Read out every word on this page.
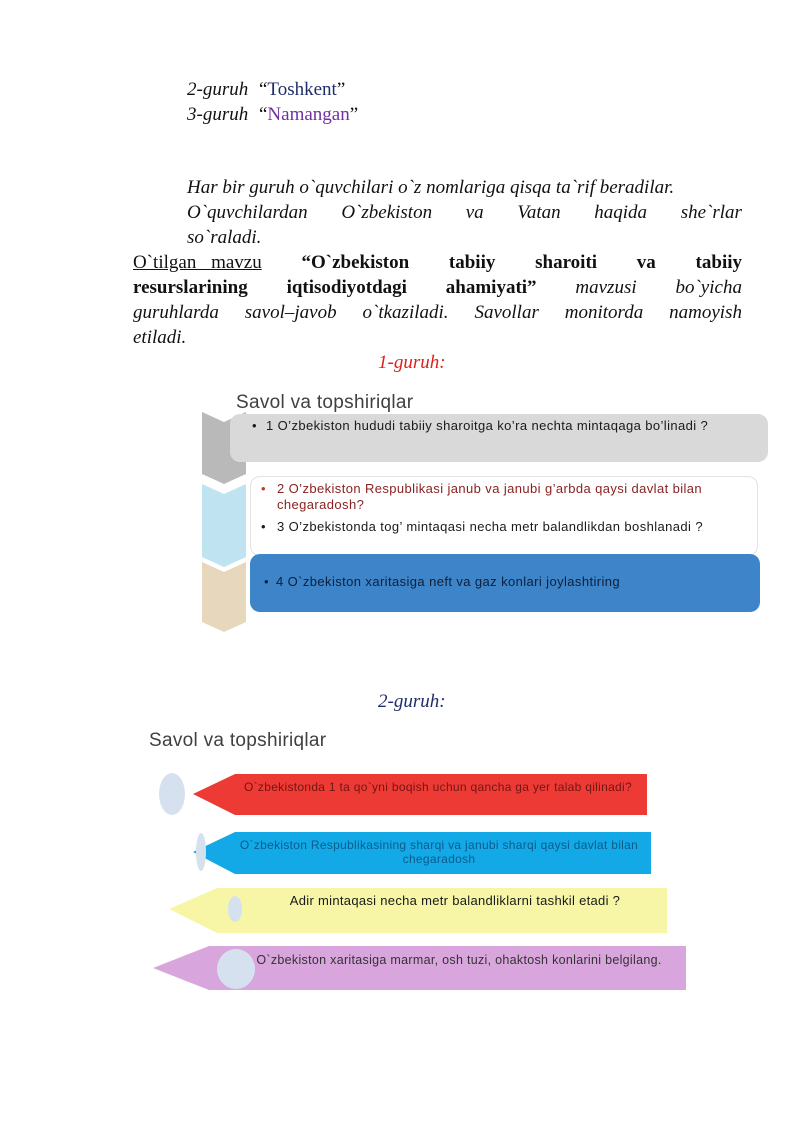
2-guruh “Toshkent”
3-guruh “Namangan”
Har bir guruh o`quvchilari o`z nomlariga qisqa ta`rif beradilar.
O`quvchilardan O`zbekiston va Vatan haqida she`rlar
so`raladi.
O`tilgan mavzu “O`zbekiston tabiiy sharoiti va tabiiy
resurslarining iqtisodiyotdagi ahamiyati” mavzusi bo`yicha
guruhlarda savol–javob o`tkaziladi. Savollar monitorda namoyish
etiladi.
1-guruh:
Savol va topshiriqlar
• 1 O’zbekiston hududi tabiiy sharoitga ko’ra nechta mintaqaga bo’linadi ?
• 2 O’zbekiston Respublikasi janub va janubi g’arbda qaysi davlat bilan chegaradosh?
• 3 O’zbekistonda tog’ mintaqasi necha metr balandlikdan boshlanadi ?
• 4 O`zbekiston xaritasiga neft va gaz konlari joylashtiring
2-guruh:
Savol va topshiriqlar
O`zbekistonda 1 ta qo`yni boqish uchun qancha ga yer talab qilinadi?
O`zbekiston Respublikasining sharqi va janubi sharqi qaysi davlat bilan chegaradosh
Adir mintaqasi necha metr balandliklarni tashkil etadi ?
O`zbekiston xaritasiga marmar, osh tuzi, ohaktosh konlarini belgilang.
